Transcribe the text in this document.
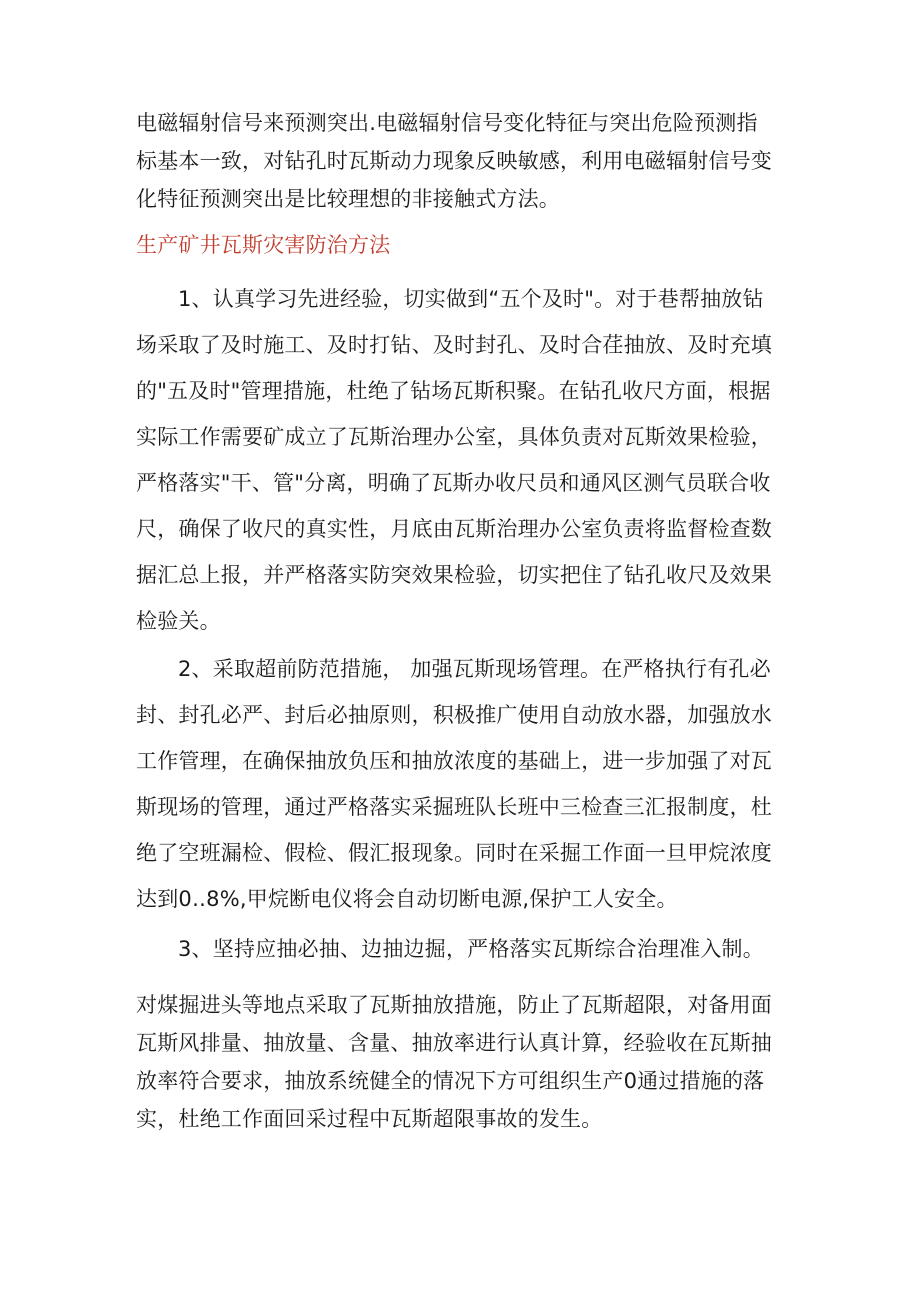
电磁辐射信号来预测突出.电磁辐射信号变化特征与突出危险预测指
标基本一致，对钻孔时瓦斯动力现象反映敏感，利用电磁辐射信号变
化特征预测突出是比较理想的非接触式方法。
生产矿井瓦斯灾害防治方法
1、认真学习先进经验，切实做到“五个及时"。对于巷帮抽放钻
场采取了及时施工、及时打钻、及时封孔、及时合荏抽放、及时充填
的"五及时"管理措施，杜绝了钻场瓦斯积聚。在钻孔收尺方面，根据
实际工作需要矿成立了瓦斯治理办公室，具体负责对瓦斯效果检验，
严格落实"干、管"分离，明确了瓦斯办收尺员和通风区测气员联合收
尺，确保了收尺的真实性，月底由瓦斯治理办公室负责将监督检查数
据汇总上报，并严格落实防突效果检验，切实把住了钻孔收尺及效果
检验关。
2、采取超前防范措施， 加强瓦斯现场管理。在严格执行有孔必
封、封孔必严、封后必抽原则，积极推广使用自动放水器，加强放水
工作管理，在确保抽放负压和抽放浓度的基础上，进一步加强了对瓦
斯现场的管理，通过严格落实采掘班队长班中三检查三汇报制度，杜
绝了空班漏检、假检、假汇报现象。同时在采掘工作面一旦甲烷浓度
达到0‥8%,甲烷断电仪将会自动切断电源,保护工人安全。
3、坚持应抽必抽、边抽边掘，严格落实瓦斯综合治理准入制。
对煤掘进头等地点采取了瓦斯抽放措施，防止了瓦斯超限，对备用面
瓦斯风排量、抽放量、含量、抽放率进行认真计算，经验收在瓦斯抽
放率符合要求，抽放系统健全的情况下方可组织生产0通过措施的落
实，杜绝工作面回采过程中瓦斯超限事故的发生。
